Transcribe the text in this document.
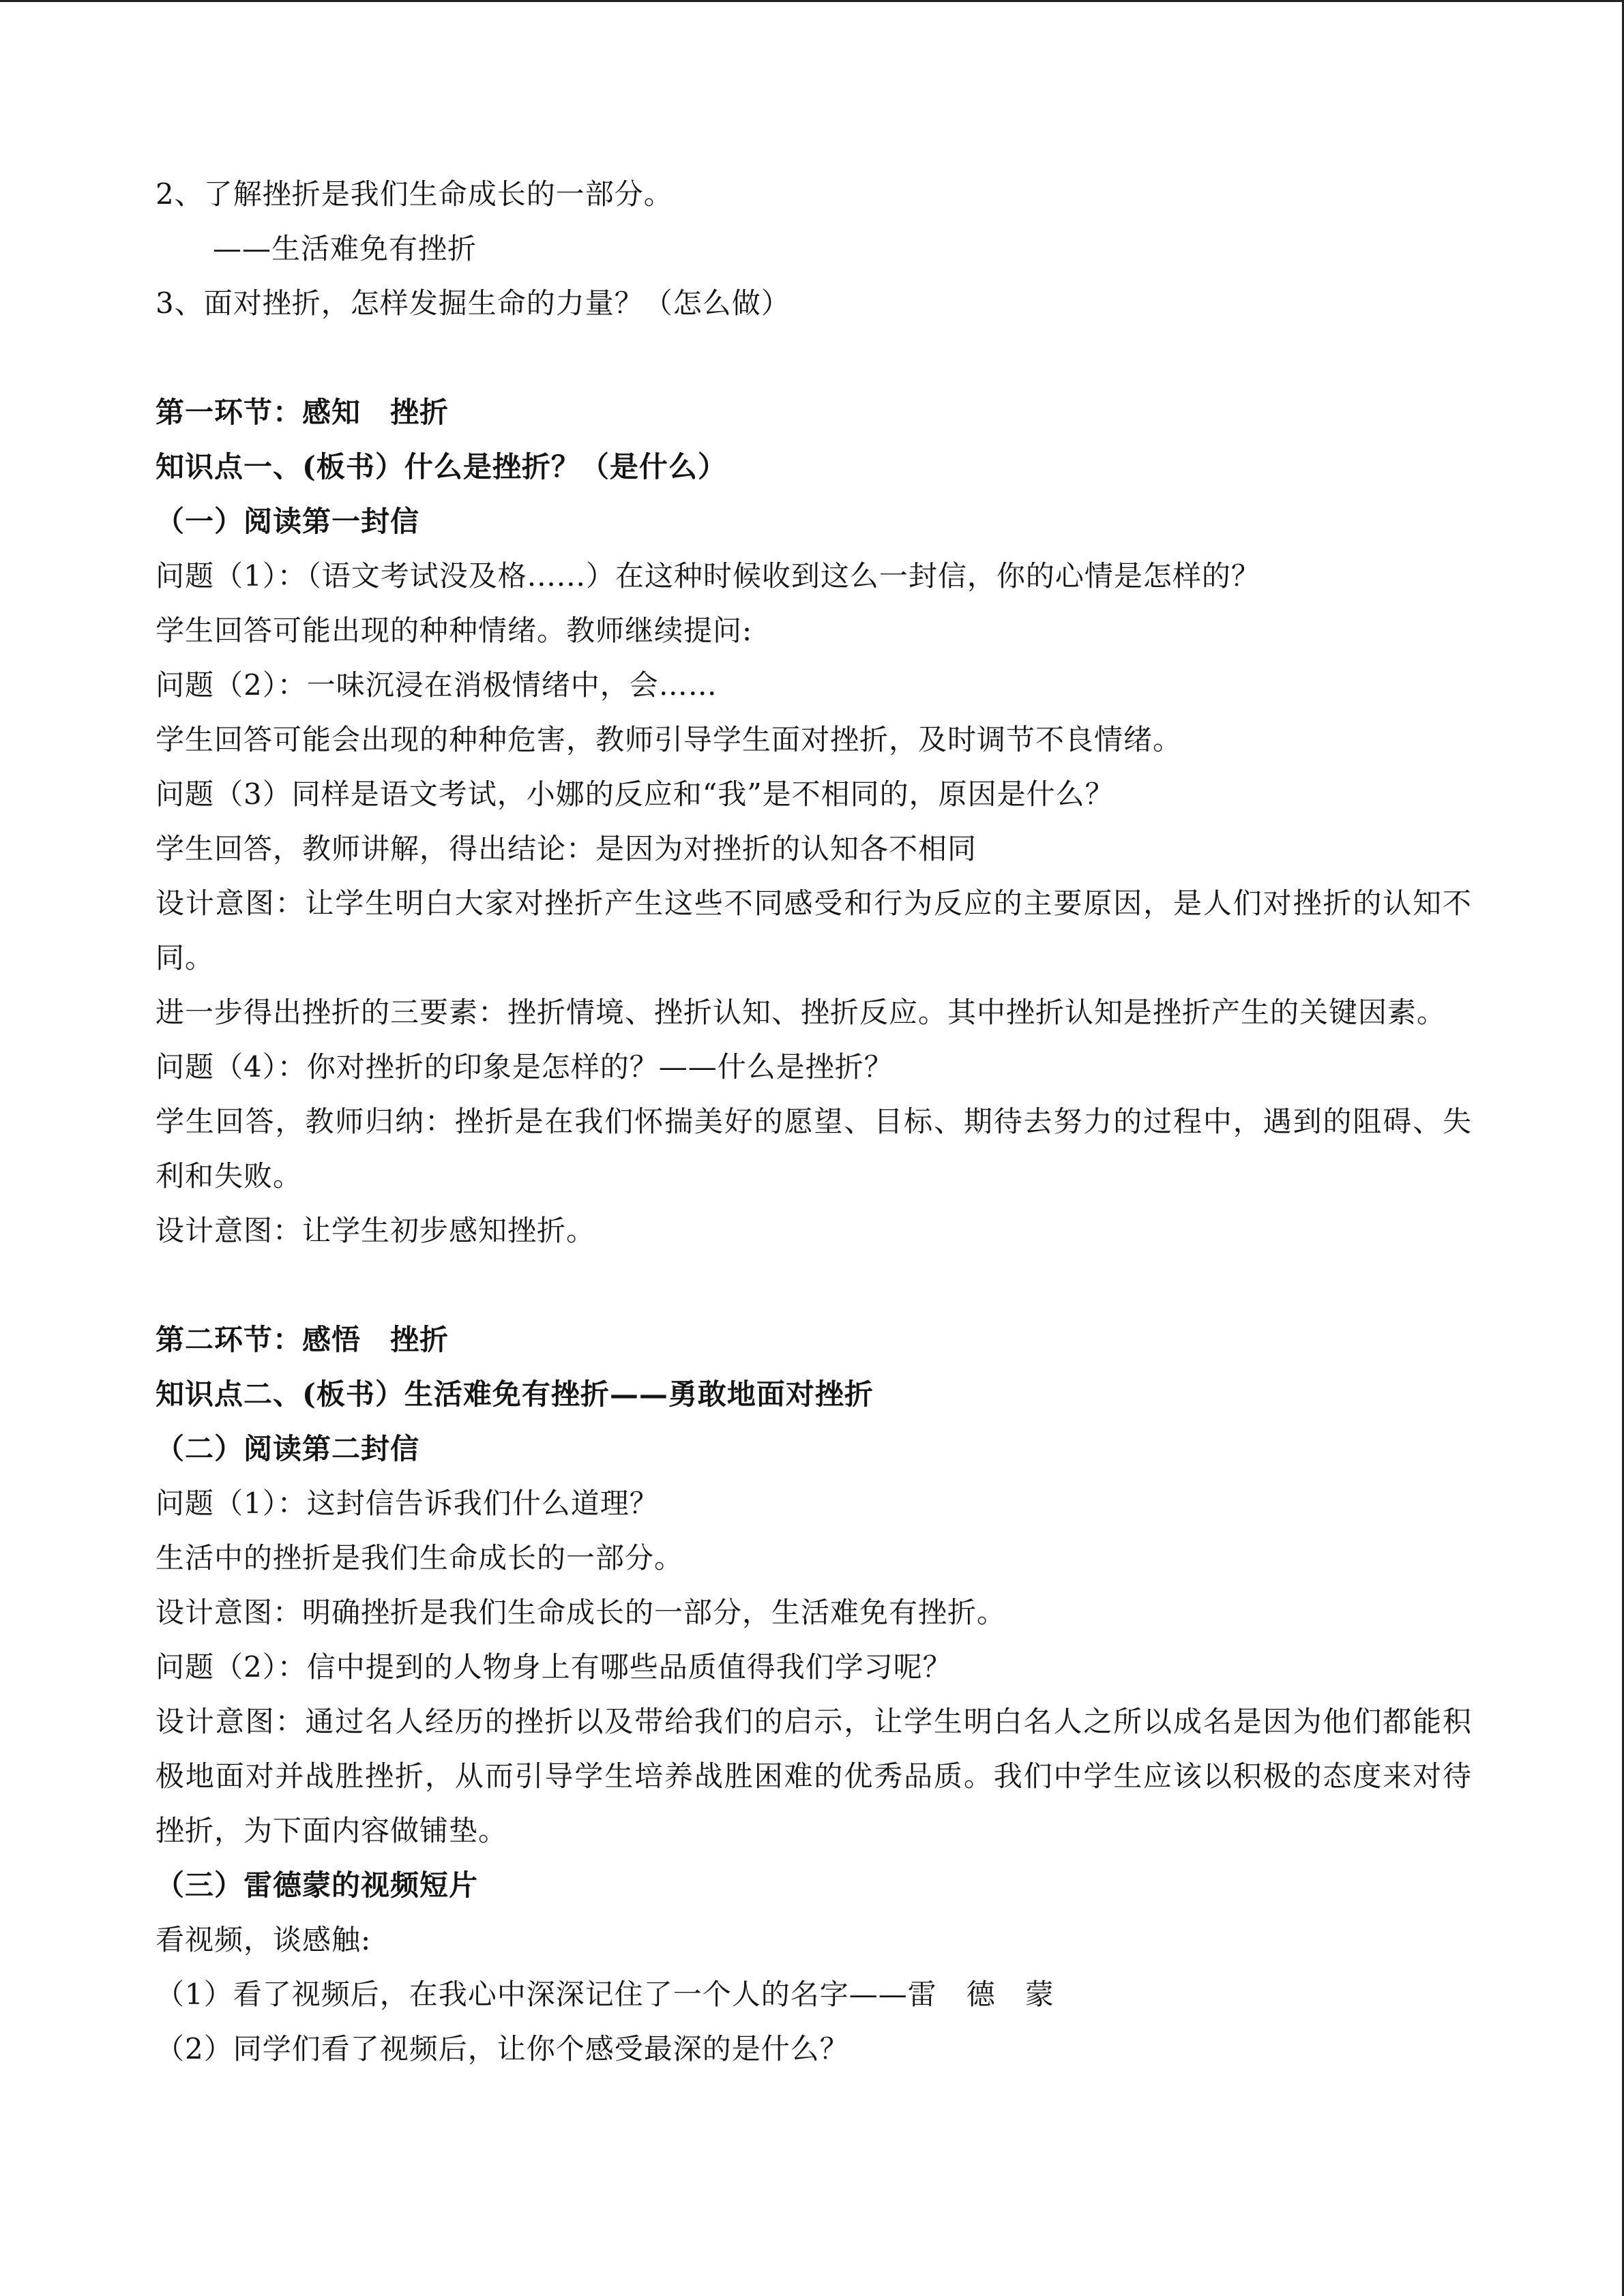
2、了解挫折是我们生命成长的一部分。
——生活难免有挫折
3、面对挫折，怎样发掘生命的力量？（怎么做）
第一环节：感知　挫折
知识点一、(板书）什么是挫折？（是什么）
（一）阅读第一封信
问题（1）：（语文考试没及格......）在这种时候收到这么一封信，你的心情是怎样的？
学生回答可能出现的种种情绪。教师继续提问:
问题（2）：一味沉浸在消极情绪中，会……
学生回答可能会出现的种种危害，教师引导学生面对挫折，及时调节不良情绪。
问题（3）同样是语文考试，小娜的反应和“我”是不相同的，原因是什么？
学生回答，教师讲解，得出结论：是因为对挫折的认知各不相同
设计意图：让学生明白大家对挫折产生这些不同感受和行为反应的主要原因，是人们对挫折的认知不同。
进一步得出挫折的三要素：挫折情境、挫折认知、挫折反应。其中挫折认知是挫折产生的关键因素。
问题（4）：你对挫折的印象是怎样的？——什么是挫折？
学生回答，教师归纳：挫折是在我们怀揣美好的愿望、目标、期待去努力的过程中，遇到的阻碍、失利和失败。
设计意图：让学生初步感知挫折。
第二环节：感悟　挫折
知识点二、(板书）生活难免有挫折——勇敢地面对挫折
（二）阅读第二封信
问题（1）：这封信告诉我们什么道理？
生活中的挫折是我们生命成长的一部分。
设计意图：明确挫折是我们生命成长的一部分，生活难免有挫折。
问题（2）：信中提到的人物身上有哪些品质值得我们学习呢？
设计意图：通过名人经历的挫折以及带给我们的启示，让学生明白名人之所以成名是因为他们都能积极地面对并战胜挫折，从而引导学生培养战胜困难的优秀品质。我们中学生应该以积极的态度来对待挫折，为下面内容做铺垫。
（三）雷德蒙的视频短片
看视频，谈感触:
（1）看了视频后，在我心中深深记住了一个人的名字——雷　德　蒙
（2）同学们看了视频后，让你个感受最深的是什么？
